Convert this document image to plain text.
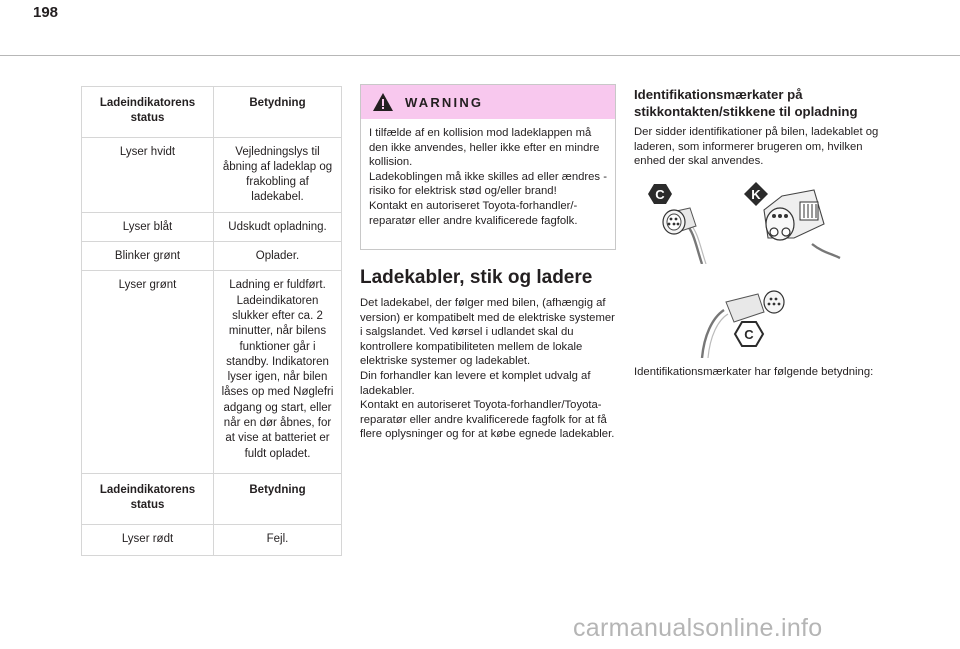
198
Ladeindikatorens status	Betydning
Lyser hvidt	Vejledningslys til åbning af ladeklap og frakobling af ladekabel.
Lyser blåt	Udskudt opladning.
Blinker grønt	Oplader.
Lyser grønt	Ladning er fuldført. Ladeindikatoren slukker efter ca. 2 minutter, når bilens funktioner går i standby. Indikatoren lyser igen, når bilen låses op med Nøglefri adgang og start, eller når en dør åbnes, for at vise at batteriet er fuldt opladet.
Ladeindikatorens status	Betydning
Lyser rødt	Fejl.
WARNING

I tilfælde af en kollision mod ladeklappen må den ikke anvendes, heller ikke efter en mindre kollision.

Ladekoblingen må ikke skilles ad eller ændres - risiko for elektrisk stød og/eller brand!

Kontakt en autoriseret Toyota-forhandler/-reparatør eller andre kvalificerede fagfolk.

Ladekabler, stik og ladere

Det ladekabel, der følger med bilen, (afhængig af version) er kompatibelt med de elektriske systemer i salgslandet. Ved kørsel i udlandet skal du kontrollere kompatibiliteten mellem de lokale elektriske systemer og ladekablet.

Din forhandler kan levere et komplet udvalg af ladekabler.

Kontakt en autoriseret Toyota-forhandler/Toyota-reparatør eller andre kvalificerede fagfolk for at få flere oplysninger og for at købe egnede ladekabler.

Identifikationsmærkater på stikkontakten/stikkene til opladning
Der sidder identifikationer på bilen, ladekablet og laderen, som informerer brugeren om, hvilken enhed der skal anvendes.
C	K
C
Identifikationsmærkater har følgende betydning:
carmanualsonline.info
